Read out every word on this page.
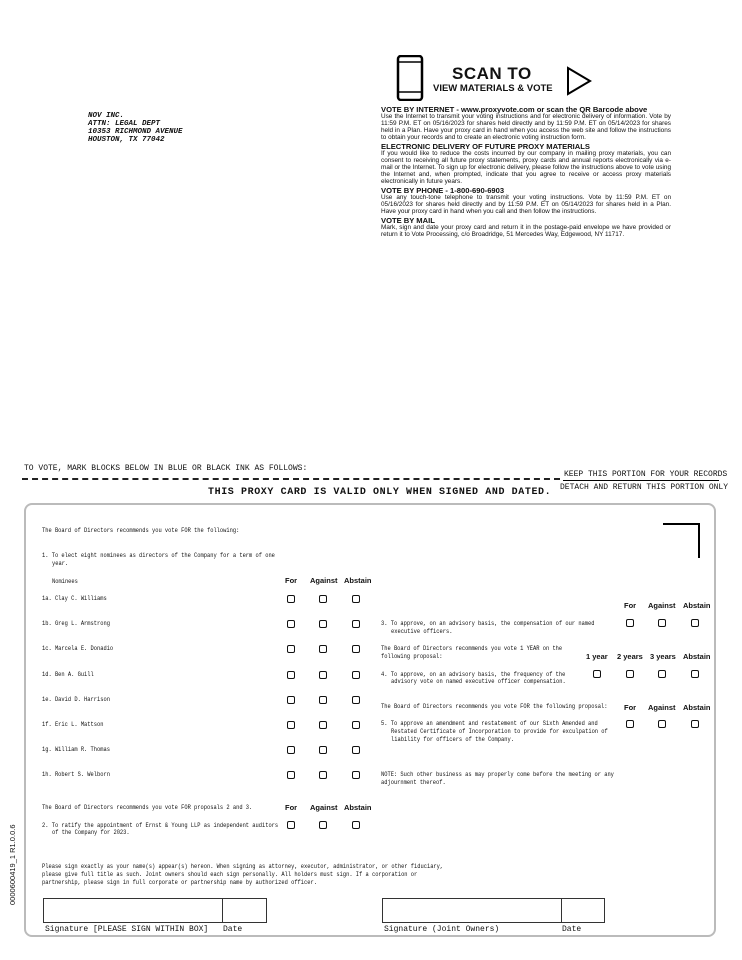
NOV INC.
ATTN: LEGAL DEPT
10353 RICHMOND AVENUE
HOUSTON, TX 77042
SCAN TO
VIEW MATERIALS & VOTE
VOTE BY INTERNET - www.proxyvote.com or scan the QR Barcode above

Use the Internet to transmit your voting instructions and for electronic delivery of information. Vote by 11:59 P.M. ET on 05/16/2023 for shares held directly and by 11:59 P.M. ET on 05/14/2023 for shares held in a Plan. Have your proxy card in hand when you access the web site and follow the instructions to obtain your records and to create an electronic voting instruction form.

ELECTRONIC DELIVERY OF FUTURE PROXY MATERIALS

If you would like to reduce the costs incurred by our company in mailing proxy materials, you can consent to receiving all future proxy statements, proxy cards and annual reports electronically via e-mail or the Internet. To sign up for electronic delivery, please follow the instructions above to vote using the Internet and, when prompted, indicate that you agree to receive or access proxy materials electronically in future years.

VOTE BY PHONE - 1-800-690-6903

Use any touch-tone telephone to transmit your voting instructions. Vote by 11:59 P.M. ET on 05/16/2023 for shares held directly and by 11:59 P.M. ET on 05/14/2023 for shares held in a Plan. Have your proxy card in hand when you call and then follow the instructions.

VOTE BY MAIL

Mark, sign and date your proxy card and return it in the postage-paid envelope we have provided or return it to Vote Processing, c/o Broadridge, 51 Mercedes Way, Edgewood, NY 11717.

TO VOTE, MARK BLOCKS BELOW IN BLUE OR BLACK INK AS FOLLOWS:
KEEP THIS PORTION FOR YOUR RECORDS
DETACH AND RETURN THIS PORTION ONLY
THIS PROXY CARD IS VALID ONLY WHEN SIGNED AND DATED.
The Board of Directors recommends you vote FOR the following:
1. To elect eight nominees as directors of the Company for a term of one
year.
Nominees	For Against Abstain
1a. Clay C. Williams
1b. Greg L. Armstrong
1c. Marcela E. Donadio
1d. Ben A. Guill
1e. David D. Harrison
1f. Eric L. Mattson
1g. William R. Thomas
1h. Robert S. Welborn
The Board of Directors recommends you vote FOR proposals 2 and 3.	For Against Abstain
2. To ratify the appointment of Ernst & Young LLP as independent auditors
of the Company for 2023.
For Against Abstain
3. To approve, on an advisory basis, the compensation of our named
executive officers.
The Board of Directors recommends you vote 1 YEAR on the
following proposal:	1 year 2 years 3 years Abstain
4. To approve, on an advisory basis, the frequency of the
advisory vote on named executive officer compensation.
The Board of Directors recommends you vote FOR the following proposal: For Against Abstain
5. To approve an amendment and restatement of our Sixth Amended and
Restated Certificate of Incorporation to provide for exculpation of
liability for officers of the Company.
NOTE: Such other business as may properly come before the meeting or any
adjournment thereof.
Please sign exactly as your name(s) appear(s) hereon. When signing as attorney, executor, administrator, or other fiduciary,
please give full title as such. Joint owners should each sign personally. All holders must sign. If a corporation or
partnership, please sign in full corporate or partnership name by authorized officer.
Signature [PLEASE SIGN WITHIN BOX] Date	Signature (Joint Owners)	Date
0000600419_1 R1.0.0.6
